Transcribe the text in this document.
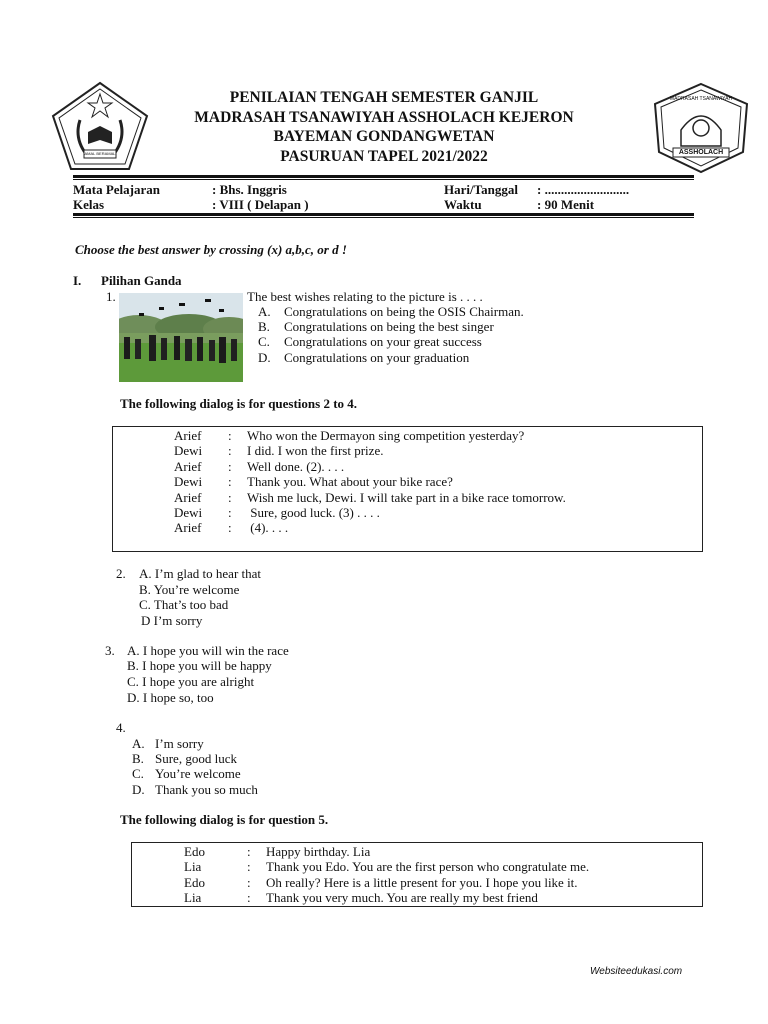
AMAL BERAMAL
MADRASAH TSANAWIYAH
ASSHOLACH
PENILAIAN TENGAH SEMESTER GANJIL
MADRASAH TSANAWIYAH ASSHOLACH KEJERON
BAYEMAN GONDANGWETAN
PASURUAN TAPEL 2021/2022
Mata Pelajaran	: Bhs. Inggris	Hari/Tanggal : ..........................
Kelas	: VIII ( Delapan )	Waktu	: 90 Menit
Choose the best answer by crossing (x) a,b,c, or d !
I. Pilihan Ganda
1.	The best wishes relating to the picture is . . . .
A. Congratulations on being the OSIS Chairman.
B. Congratulations on being the best singer
C. Congratulations on your great success
D. Congratulations on your graduation
The following dialog is for questions 2 to 4.
Arief : Who won the Dermayon sing competition yesterday?
Dewi : I did. I won the first prize.
Arief : Well done. (2). . . .
Dewi : Thank you. What about your bike race?
Arief : Wish me luck, Dewi. I will take part in a bike race tomorrow.
Dewi : Sure, good luck. (3) . . . .
Arief : (4). . . .
2. A. I’m glad to hear that
B. You’re welcome
C. That’s too bad
D I’m sorry
3. A. I hope you will win the race
B. I hope you will be happy
C. I hope you are alright
D. I hope so, too
4.
A. I’m sorry
B. Sure, good luck
C. You’re welcome
D. Thank you so much
The following dialog is for question 5.
Edo	: Happy birthday. Lia
Lia	: Thank you Edo. You are the first person who congratulate me.
Edo	: Oh really? Here is a little present for you. I hope you like it.
Lia	: Thank you very much. You are really my best friend
Websiteedukasi.com
